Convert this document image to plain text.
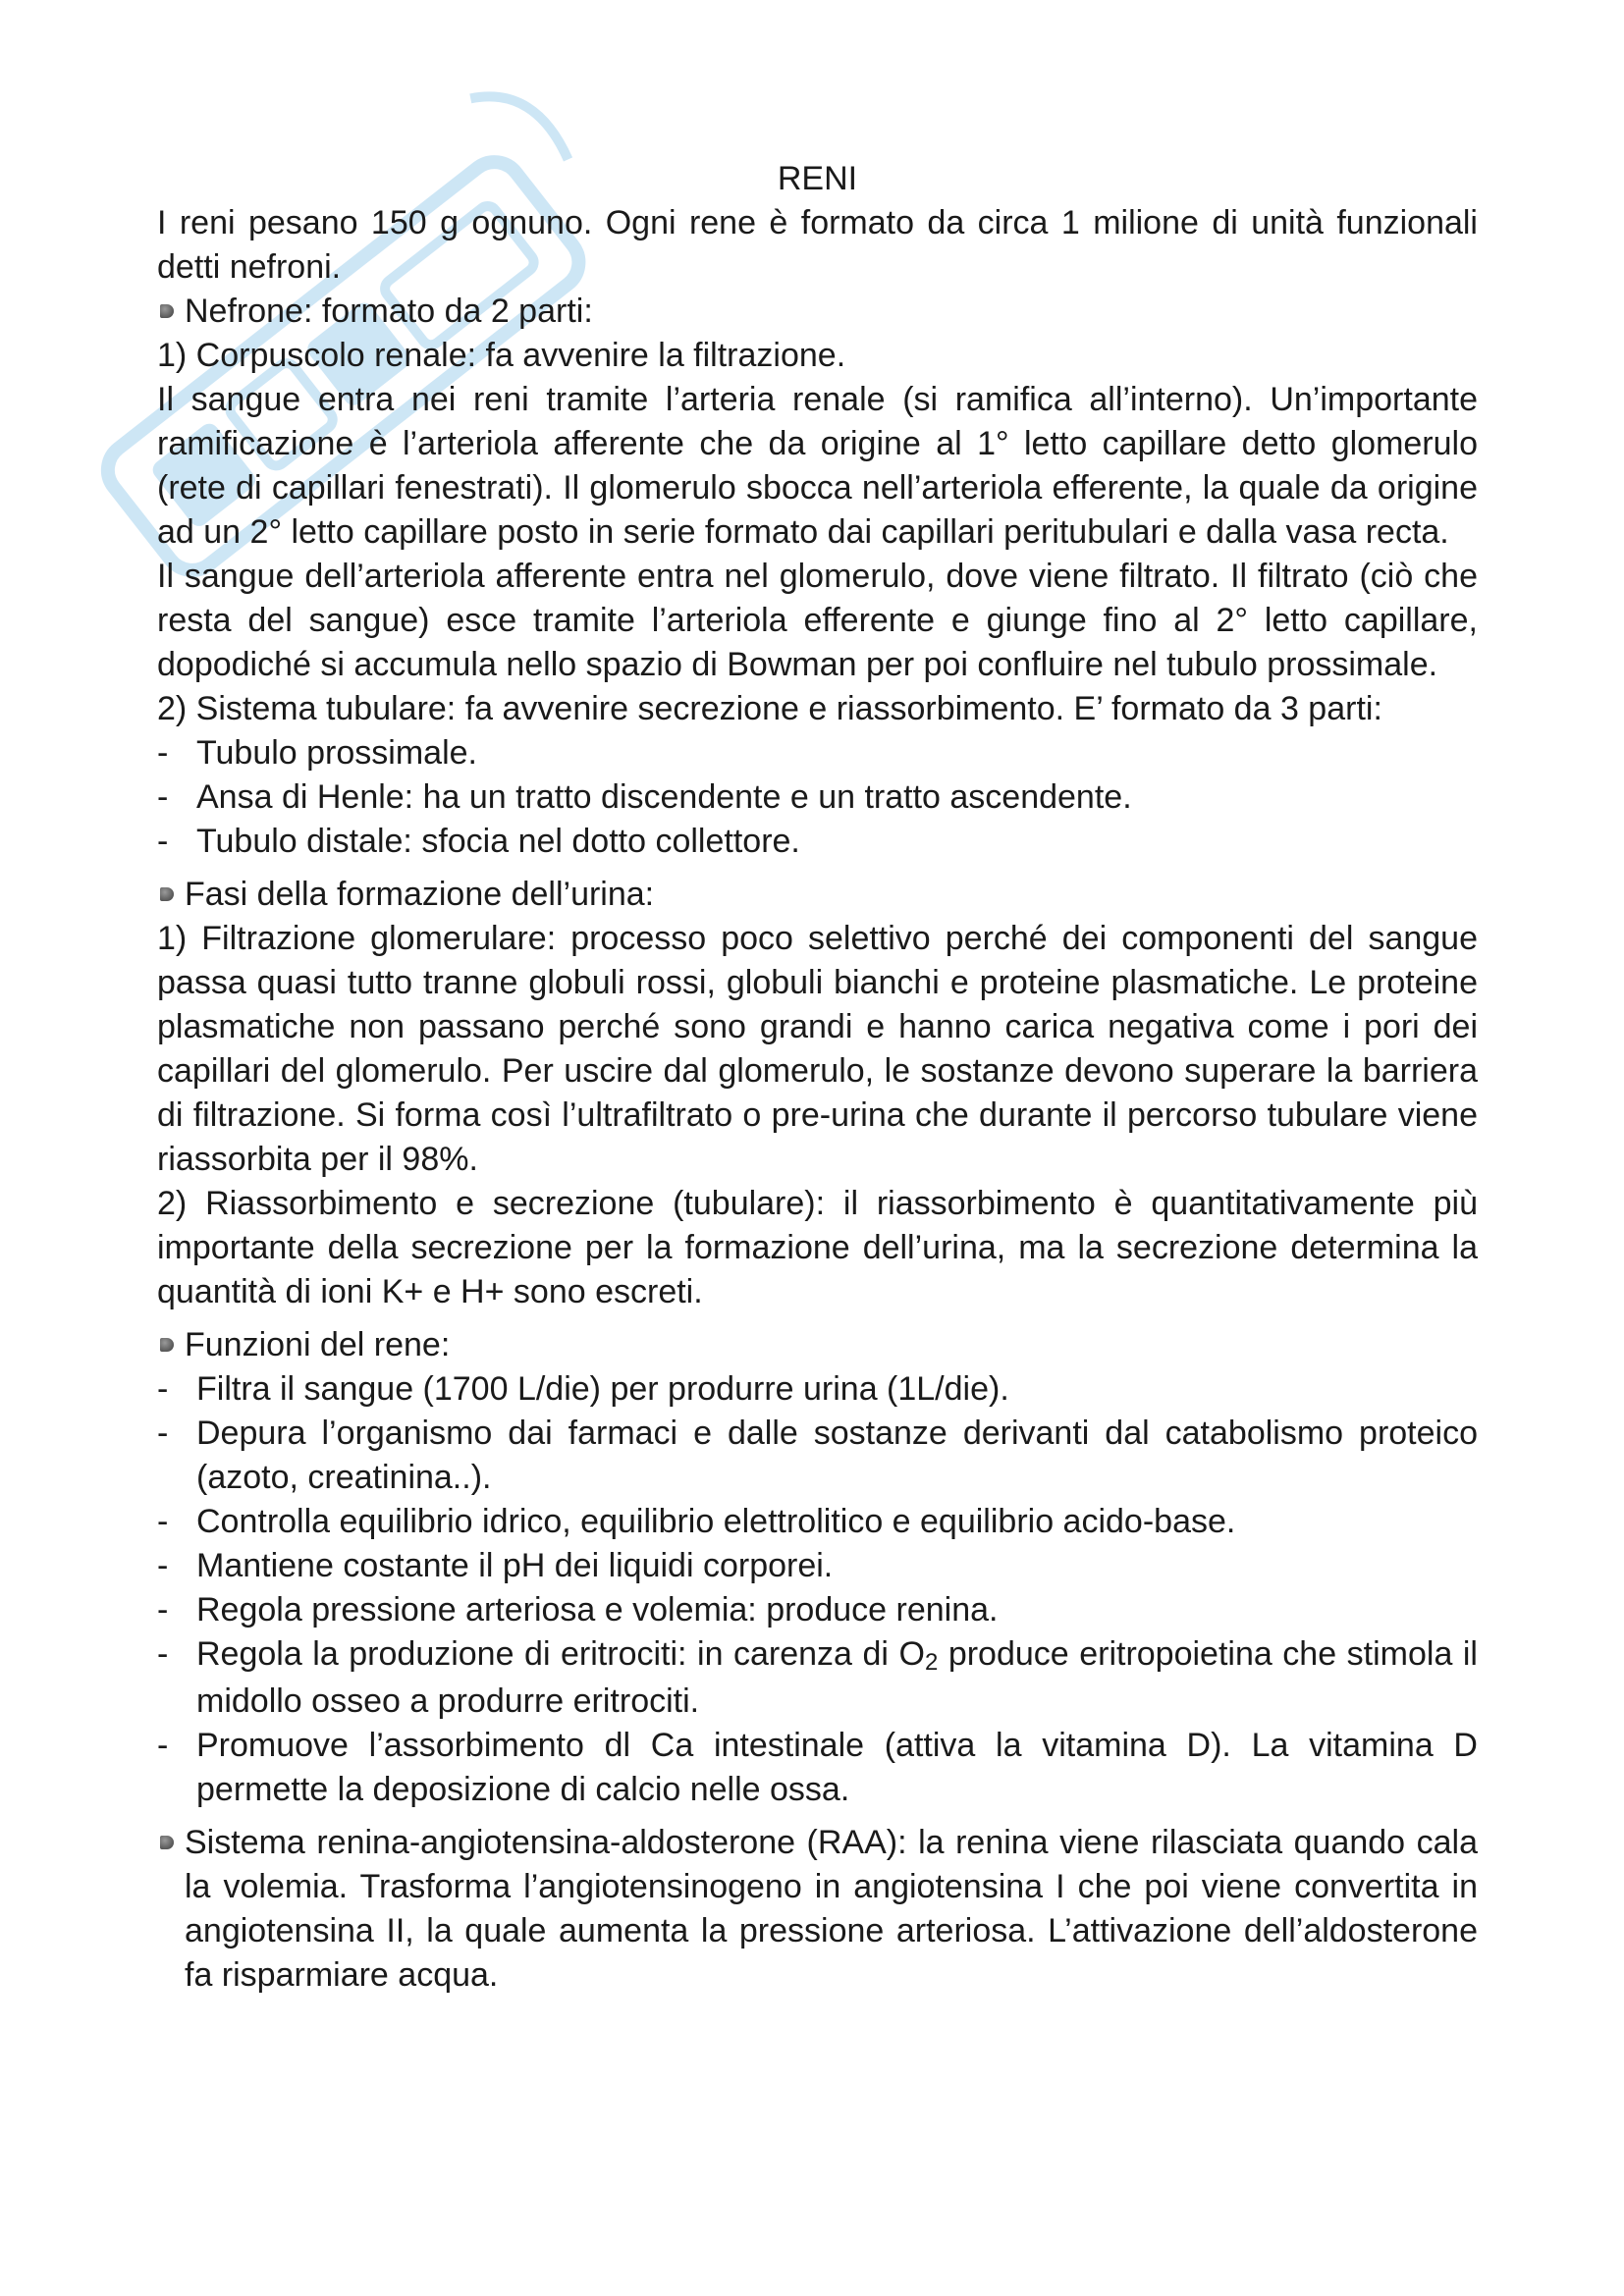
RENI

I reni pesano 150 g ognuno. Ogni rene è formato da circa 1 milione di unità funzionali detti nefroni.

Nefrone: formato da 2 parti:

1) Corpuscolo renale: fa avvenire la filtrazione.

Il sangue entra nei reni tramite l’arteria renale (si ramifica all’interno). Un’importante ramificazione è l’arteriola afferente che da origine al 1° letto capillare detto glomerulo (rete di capillari fenestrati). Il glomerulo sbocca nell’arteriola efferente, la quale da origine ad un 2° letto capillare posto in serie formato dai capillari peritubulari e dalla vasa recta.

Il sangue dell’arteriola afferente entra nel glomerulo, dove viene filtrato. Il filtrato (ciò che resta del sangue) esce tramite l’arteriola efferente e giunge fino al 2° letto capillare, dopodiché si accumula nello spazio di Bowman per poi confluire nel tubulo prossimale.

2) Sistema tubulare: fa avvenire secrezione e riassorbimento. E’ formato da 3 parti:

- Tubulo prossimale.
- Ansa di Henle: ha un tratto discendente e un tratto ascendente.
- Tubulo distale: sfocia nel dotto collettore.
Fasi della formazione dell’urina:

1) Filtrazione glomerulare: processo poco selettivo perché dei componenti del sangue passa quasi tutto tranne globuli rossi, globuli bianchi e proteine plasmatiche. Le proteine plasmatiche non passano perché sono grandi e hanno carica negativa come i pori dei capillari del glomerulo. Per uscire dal glomerulo, le sostanze devono superare la barriera di filtrazione. Si forma così l’ultrafiltrato o pre-urina che durante il percorso tubulare viene riassorbita per il 98%.

2) Riassorbimento e secrezione (tubulare): il riassorbimento è quantitativamente più importante della secrezione per la formazione dell’urina, ma la secrezione determina la quantità di ioni K+ e H+ sono escreti.

Funzioni del rene:
- Filtra il sangue (1700 L/die) per produrre urina (1L/die).
- Depura l’organismo dai farmaci e dalle sostanze derivanti dal catabolismo proteico (azoto, creatinina..).
- Controlla equilibrio idrico, equilibrio elettrolitico e equilibrio acido-base.
- Mantiene costante il pH dei liquidi corporei.
- Regola pressione arteriosa e volemia: produce renina.
- Regola la produzione di eritrociti: in carenza di O2 produce eritropoietina che stimola il midollo osseo a produrre eritrociti.
- Promuove l’assorbimento dl Ca intestinale (attiva la vitamina D). La vitamina D permette la deposizione di calcio nelle ossa.
Sistema renina-angiotensina-aldosterone (RAA): la renina viene rilasciata quando cala la volemia. Trasforma l’angiotensinogeno in angiotensina I che poi viene convertita in angiotensina II, la quale aumenta la pressione arteriosa. L’attivazione dell’aldosterone fa risparmiare acqua.
